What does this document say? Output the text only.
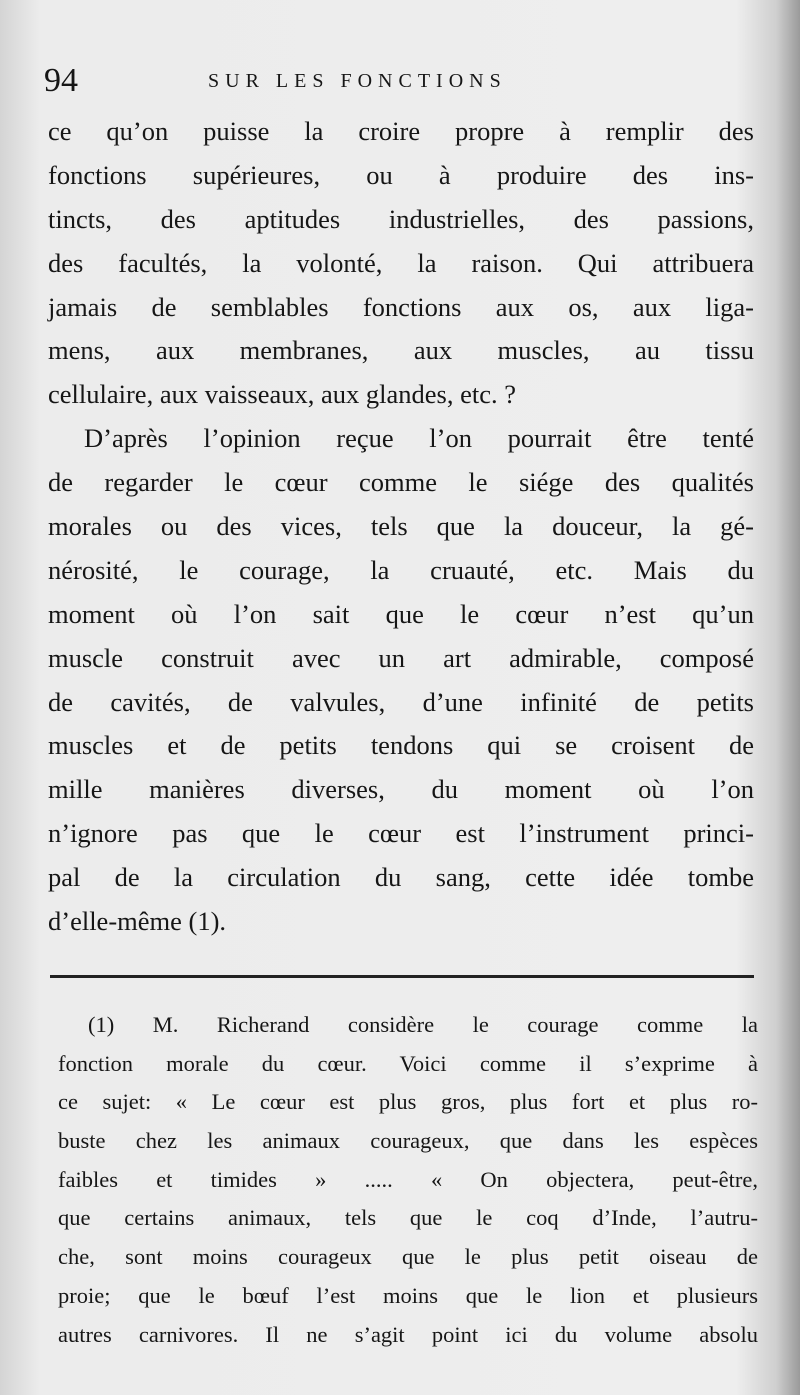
94	SUR LES FONCTIONS
ce qu’on puisse la croire propre à remplir des
fonctions supérieures, ou à produire des ins-
tincts, des aptitudes industrielles, des passions,
des facultés, la volonté, la raison. Qui attribuera
jamais de semblables fonctions aux os, aux liga-
mens, aux membranes, aux muscles, au tissu
cellulaire, aux vaisseaux, aux glandes, etc. ?
D’après l’opinion reçue l’on pourrait être tenté
de regarder le cœur comme le siége des qualités
morales ou des vices, tels que la douceur, la gé-
nérosité, le courage, la cruauté, etc. Mais du
moment où l’on sait que le cœur n’est qu’un
muscle construit avec un art admirable, composé
de cavités, de valvules, d’une infinité de petits
muscles et de petits tendons qui se croisent de
mille manières diverses, du moment où l’on
n’ignore pas que le cœur est l’instrument princi-
pal de la circulation du sang, cette idée tombe
d’elle-même (1).
(1) M. Richerand considère le courage comme la
fonction morale du cœur. Voici comme il s’exprime à
ce sujet: « Le cœur est plus gros, plus fort et plus ro-
buste chez les animaux courageux, que dans les espèces
faibles et timides » ..... « On objectera, peut-être,
que certains animaux, tels que le coq d’Inde, l’autru-
che, sont moins courageux que le plus petit oiseau de
proie; que le bœuf l’est moins que le lion et plusieurs
autres carnivores. Il ne s’agit point ici du volume absolu
